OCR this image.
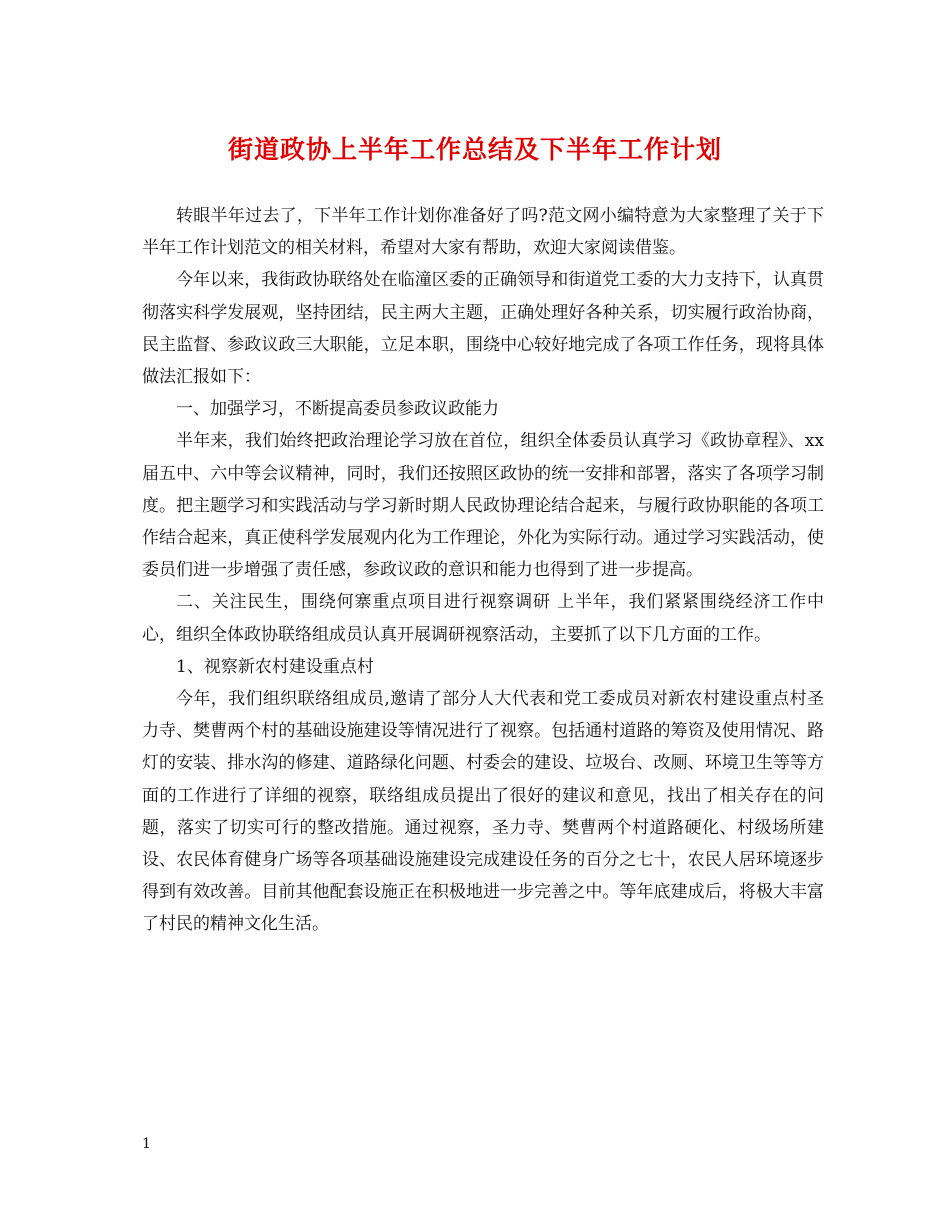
街道政协上半年工作总结及下半年工作计划

转眼半年过去了，下半年工作计划你准备好了吗?范文网小编特意为大家整理了关于下半年工作计划范文的相关材料，希望对大家有帮助，欢迎大家阅读借鉴。

今年以来，我街政协联络处在临潼区委的正确领导和街道党工委的大力支持下，认真贯彻落实科学发展观，坚持团结，民主两大主题，正确处理好各种关系，切实履行政治协商，民主监督、参政议政三大职能，立足本职，围绕中心较好地完成了各项工作任务，现将具体做法汇报如下：

一、加强学习，不断提高委员参政议政能力

半年来，我们始终把政治理论学习放在首位，组织全体委员认真学习《政协章程》、xx届五中、六中等会议精神，同时，我们还按照区政协的统一安排和部署，落实了各项学习制度。把主题学习和实践活动与学习新时期人民政协理论结合起来，与履行政协职能的各项工作结合起来，真正使科学发展观内化为工作理论，外化为实际行动。通过学习实践活动，使委员们进一步增强了责任感，参政议政的意识和能力也得到了进一步提高。

二、关注民生，围绕何寨重点项目进行视察调研 上半年，我们紧紧围绕经济工作中心，组织全体政协联络组成员认真开展调研视察活动，主要抓了以下几方面的工作。

1、视察新农村建设重点村

今年，我们组织联络组成员,邀请了部分人大代表和党工委成员对新农村建设重点村圣力寺、樊曹两个村的基础设施建设等情况进行了视察。包括通村道路的筹资及使用情况、路灯的安装、排水沟的修建、道路绿化问题、村委会的建设、垃圾台、改厕、环境卫生等等方面的工作进行了详细的视察，联络组成员提出了很好的建议和意见，找出了相关存在的问题，落实了切实可行的整改措施。通过视察，圣力寺、樊曹两个村道路硬化、村级场所建设、农民体育健身广场等各项基础设施建设完成建设任务的百分之七十，农民人居环境逐步得到有效改善。目前其他配套设施正在积极地进一步完善之中。等年底建成后，将极大丰富了村民的精神文化生活。

1
